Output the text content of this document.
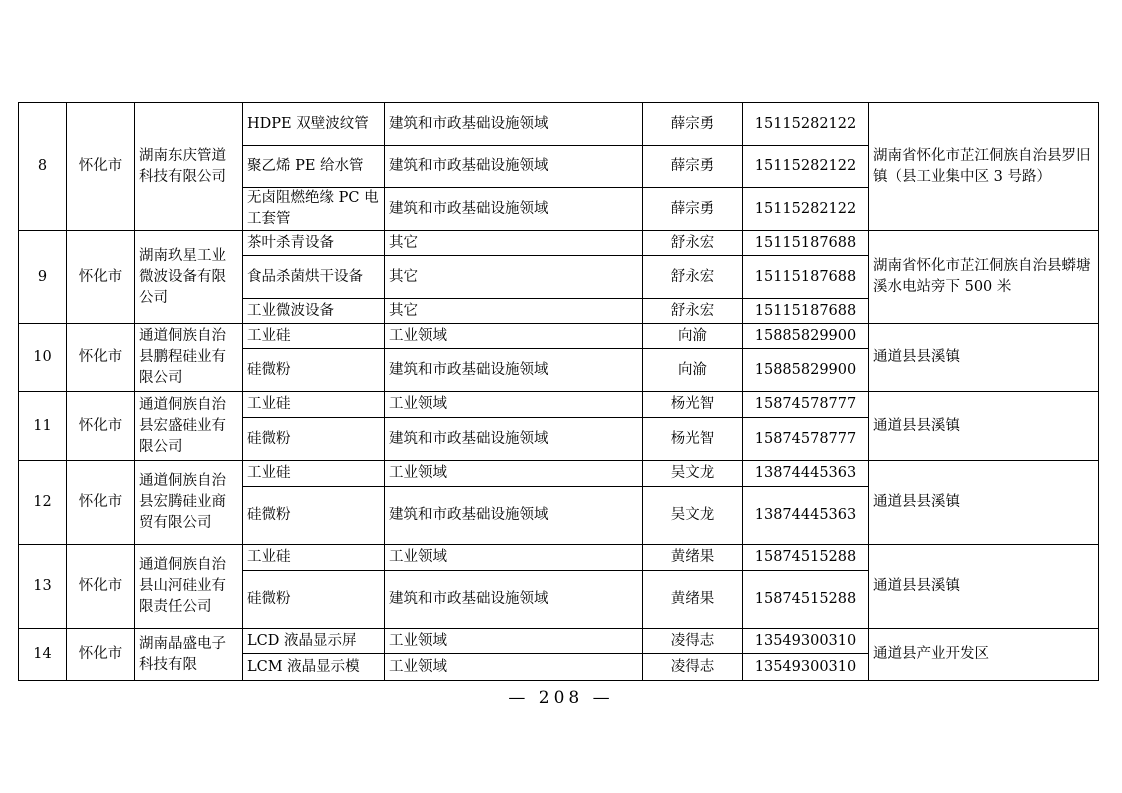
8	怀化市	湖南东庆管道科技有限公司	HDPE 双壁波纹管	建筑和市政基础设施领域	薛宗勇	15115282122	湖南省怀化市芷江侗族自治县罗旧镇（县工业集中区 3 号路）
			聚乙烯 PE 给水管	建筑和市政基础设施领域	薛宗勇	15115282122	
			无卤阻燃绝缘 PC 电工套管	建筑和市政基础设施领域	薛宗勇	15115282122	
9	怀化市	湖南玖星工业微波设备有限公司	茶叶杀青设备	其它	舒永宏	15115187688	湖南省怀化市芷江侗族自治县蟒塘溪水电站旁下 500 米
			食品杀菌烘干设备	其它	舒永宏	15115187688	
			工业微波设备	其它	舒永宏	15115187688	
10	怀化市	通道侗族自治县鹏程硅业有限公司	工业硅	工业领域	向渝	15885829900	通道县县溪镇
			硅微粉	建筑和市政基础设施领域	向渝	15885829900	
11	怀化市	通道侗族自治县宏盛硅业有限公司	工业硅	工业领域	杨光智	15874578777	通道县县溪镇
			硅微粉	建筑和市政基础设施领域	杨光智	15874578777	
12	怀化市	通道侗族自治县宏腾硅业商贸有限公司	工业硅	工业领域	吴文龙	13874445363	通道县县溪镇
			硅微粉	建筑和市政基础设施领域	吴文龙	13874445363	
13	怀化市	通道侗族自治县山河硅业有限责任公司	工业硅	工业领域	黄绪果	15874515288	通道县县溪镇
			硅微粉	建筑和市政基础设施领域	黄绪果	15874515288	
14	怀化市	湖南晶盛电子科技有限	LCD 液晶显示屏	工业领域	凌得志	13549300310	通道县产业开发区
			LCM 液晶显示模	工业领域	凌得志	13549300310	
— 208 —
